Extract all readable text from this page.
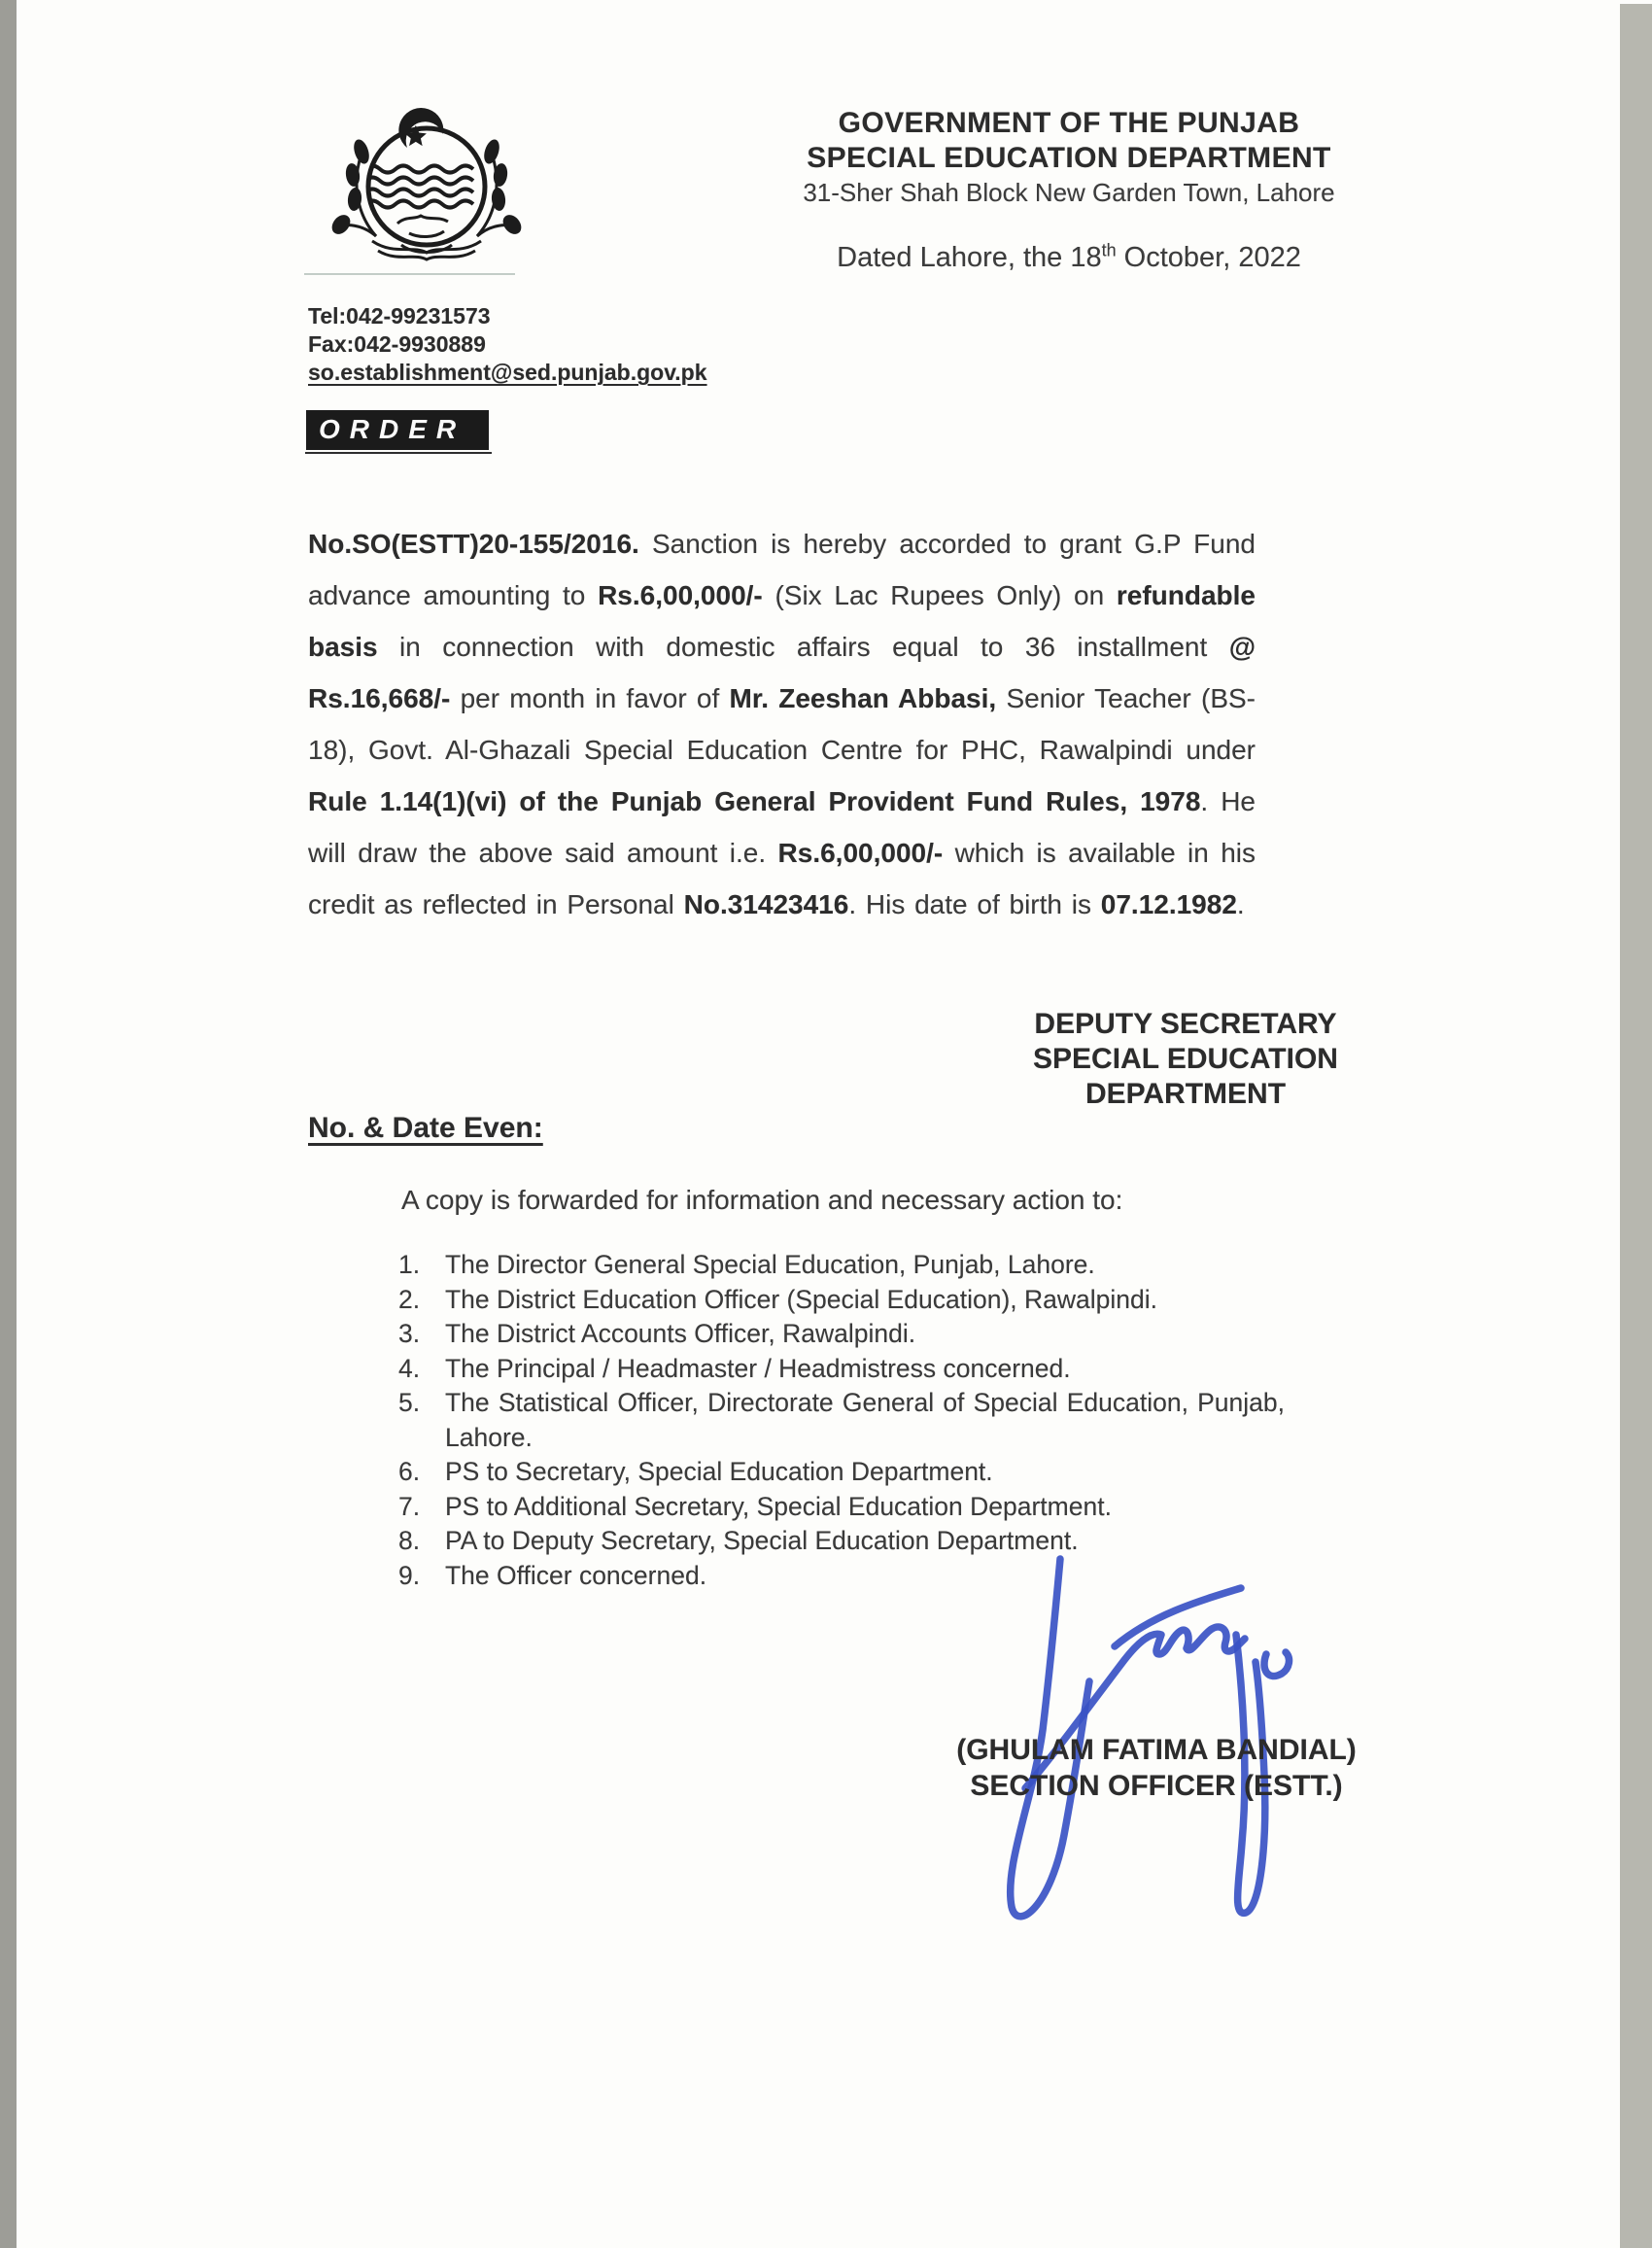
GOVERNMENT OF THE PUNJAB
SPECIAL EDUCATION DEPARTMENT
31-Sher Shah Block New Garden Town, Lahore
Dated Lahore, the 18th October, 2022
Tel:042-99231573
Fax:042-9930889
so.establishment@sed.punjab.gov.pk
ORDER

No.SO(ESTT)20-155/2016. Sanction is hereby accorded to grant G.P Fund advance amounting to Rs.6,00,000/- (Six Lac Rupees Only) on refundable basis in connection with domestic affairs equal to 36 installment @ Rs.16,668/- per month in favor of Mr. Zeeshan Abbasi, Senior Teacher (BS-18), Govt. Al-Ghazali Special Education Centre for PHC, Rawalpindi under Rule 1.14(1)(vi) of the Punjab General Provident Fund Rules, 1978. He will draw the above said amount i.e. Rs.6,00,000/- which is available in his credit as reflected in Personal No.31423416. His date of birth is 07.12.1982.

DEPUTY SECRETARY
SPECIAL EDUCATION
DEPARTMENT
No. & Date Even:
A copy is forwarded for information and necessary action to:
1. The Director General Special Education, Punjab, Lahore.
2. The District Education Officer (Special Education), Rawalpindi.
3. The District Accounts Officer, Rawalpindi.
4. The Principal / Headmaster / Headmistress concerned.
5. The Statistical Officer, Directorate General of Special Education, Punjab, Lahore.
6. PS to Secretary, Special Education Department.
7. PS to Additional Secretary, Special Education Department.
8. PA to Deputy Secretary, Special Education Department.
9. The Officer concerned.
(GHULAM FATIMA BANDIAL)
SECTION OFFICER (ESTT.)
